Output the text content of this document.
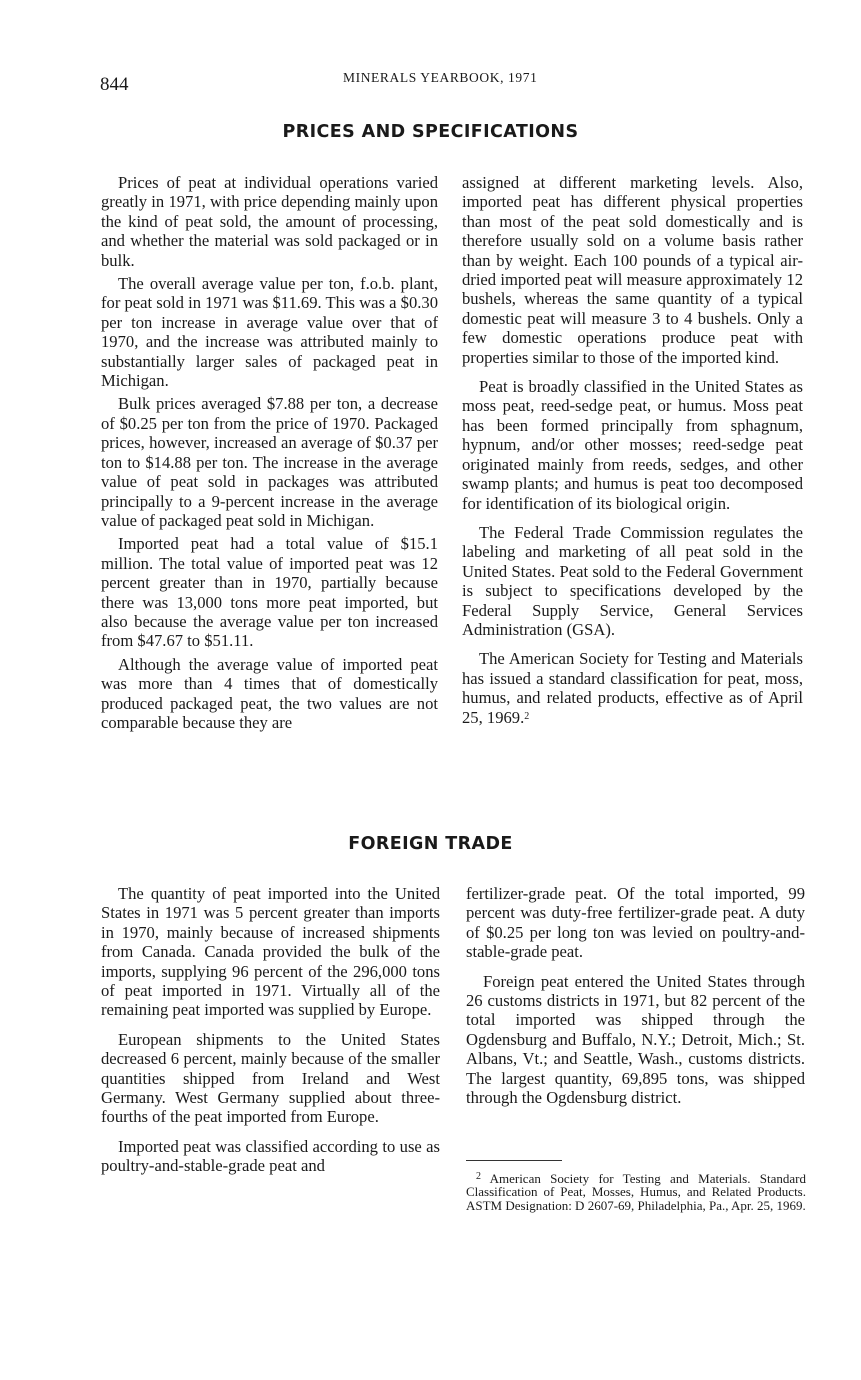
844	MINERALS YEARBOOK, 1971
PRICES AND SPECIFICATIONS

Prices of peat at individual operations varied greatly in 1971, with price depending mainly upon the kind of peat sold, the amount of processing, and whether the material was sold packaged or in bulk.

The overall average value per ton, f.o.b. plant, for peat sold in 1971 was $11.69. This was a $0.30 per ton increase in average value over that of 1970, and the increase was attributed mainly to substantially larger sales of packaged peat in Michigan.

Bulk prices averaged $7.88 per ton, a decrease of $0.25 per ton from the price of 1970. Packaged prices, however, increased an average of $0.37 per ton to $14.88 per ton. The increase in the average value of peat sold in packages was attributed principally to a 9-percent increase in the average value of packaged peat sold in Michigan.

Imported peat had a total value of $15.1 million. The total value of imported peat was 12 percent greater than in 1970, partially because there was 13,000 tons more peat imported, but also because the average value per ton increased from $47.67 to $51.11.

Although the average value of imported peat was more than 4 times that of domestically produced packaged peat, the two values are not comparable because they are

assigned at different marketing levels. Also, imported peat has different physical properties than most of the peat sold domestically and is therefore usually sold on a volume basis rather than by weight. Each 100 pounds of a typical air-dried imported peat will measure approximately 12 bushels, whereas the same quantity of a typical domestic peat will measure 3 to 4 bushels. Only a few domestic operations produce peat with properties similar to those of the imported kind.

Peat is broadly classified in the United States as moss peat, reed-sedge peat, or humus. Moss peat has been formed principally from sphagnum, hypnum, and/or other mosses; reed-sedge peat originated mainly from reeds, sedges, and other swamp plants; and humus is peat too decomposed for identification of its biological origin.

The Federal Trade Commission regulates the labeling and marketing of all peat sold in the United States. Peat sold to the Federal Government is subject to specifications developed by the Federal Supply Service, General Services Administration (GSA).

The American Society for Testing and Materials has issued a standard classification for peat, moss, humus, and related products, effective as of April 25, 1969.$^2$

FOREIGN TRADE

The quantity of peat imported into the United States in 1971 was 5 percent greater than imports in 1970, mainly because of increased shipments from Canada. Canada provided the bulk of the imports, supplying 96 percent of the 296,000 tons of peat imported in 1971. Virtually all of the remaining peat imported was supplied by Europe.

European shipments to the United States decreased 6 percent, mainly because of the smaller quantities shipped from Ireland and West Germany. West Germany supplied about three-fourths of the peat imported from Europe.

Imported peat was classified according to use as poultry-and-stable-grade peat and

fertilizer-grade peat. Of the total imported, 99 percent was duty-free fertilizer-grade peat. A duty of $0.25 per long ton was levied on poultry-and-stable-grade peat.

Foreign peat entered the United States through 26 customs districts in 1971, but 82 percent of the total imported was shipped through the Ogdensburg and Buffalo, N.Y.; Detroit, Mich.; St. Albans, Vt.; and Seattle, Wash., customs districts. The largest quantity, 69,895 tons, was shipped through the Ogdensburg district.

$^2$ American Society for Testing and Materials. Standard Classification of Peat, Mosses, Humus, and Related Products. ASTM Designation: D 2607-69, Philadelphia, Pa., Apr. 25, 1969.
